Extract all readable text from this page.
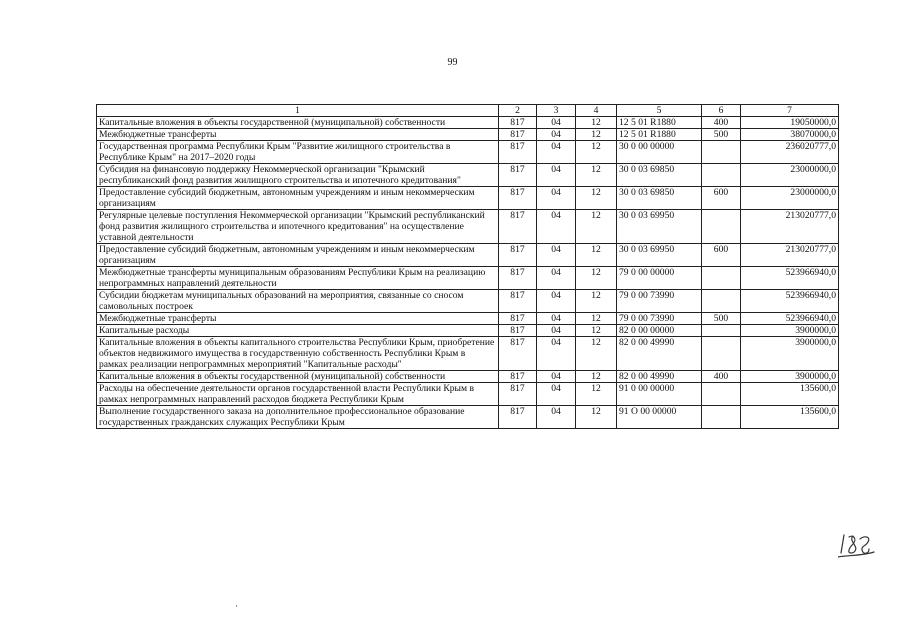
99
1	2	3	4	5	6	7
Капитальные вложения в объекты государственной (муниципальной) собственности	817	04	12	12 5 01 R1880	400	19050000,0
Межбюджетные трансферты	817	04	12	12 5 01 R1880	500	38070000,0
Государственная программа Республики Крым "Развитие жилищного строительства в Республике Крым" на 2017–2020 годы	817	04	12	30 0 00 00000		236020777,0
Субсидия на финансовую поддержку Некоммерческой организации "Крымский республиканский фонд развития жилищного строительства и ипотечного кредитования"	817	04	12	30 0 03 69850		23000000,0
Предоставление субсидий бюджетным, автономным учреждениям и иным некоммерческим организациям	817	04	12	30 0 03 69850	600	23000000,0
Регулярные целевые поступления Некоммерческой организации "Крымский республиканский фонд развития жилищного строительства и ипотечного кредитования" на осуществление уставной деятельности	817	04	12	30 0 03 69950		213020777,0
Предоставление субсидий бюджетным, автономным учреждениям и иным некоммерческим организациям	817	04	12	30 0 03 69950	600	213020777,0
Межбюджетные трансферты муниципальным образованиям Республики Крым на реализацию непрограммных направлений деятельности	817	04	12	79 0 00 00000		523966940,0
Субсидии бюджетам муниципальных образований на мероприятия, связанные со сносом самовольных построек	817	04	12	79 0 00 73990		523966940,0
Межбюджетные трансферты	817	04	12	79 0 00 73990	500	523966940,0
Капитальные расходы	817	04	12	82 0 00 00000		3900000,0
Капитальные вложения в объекты капитального строительства Республики Крым, приобретение объектов недвижимого имущества в государственную собственность Республики Крым в рамках реализации непрограммных мероприятий "Капитальные расходы"	817	04	12	82 0 00 49990		3900000,0
Капитальные вложения в объекты государственной (муниципальной) собственности	817	04	12	82 0 00 49990	400	3900000,0
Расходы на обеспечение деятельности органов государственной власти Республики Крым в рамках непрограммных направлений расходов бюджета Республики Крым	817	04	12	91 0 00 00000		135600,0
Выполнение государственного заказа на дополнительное профессиональное образование государственных гражданских служащих Республики Крым	817	04	12	91 О 00 00000		135600,0
